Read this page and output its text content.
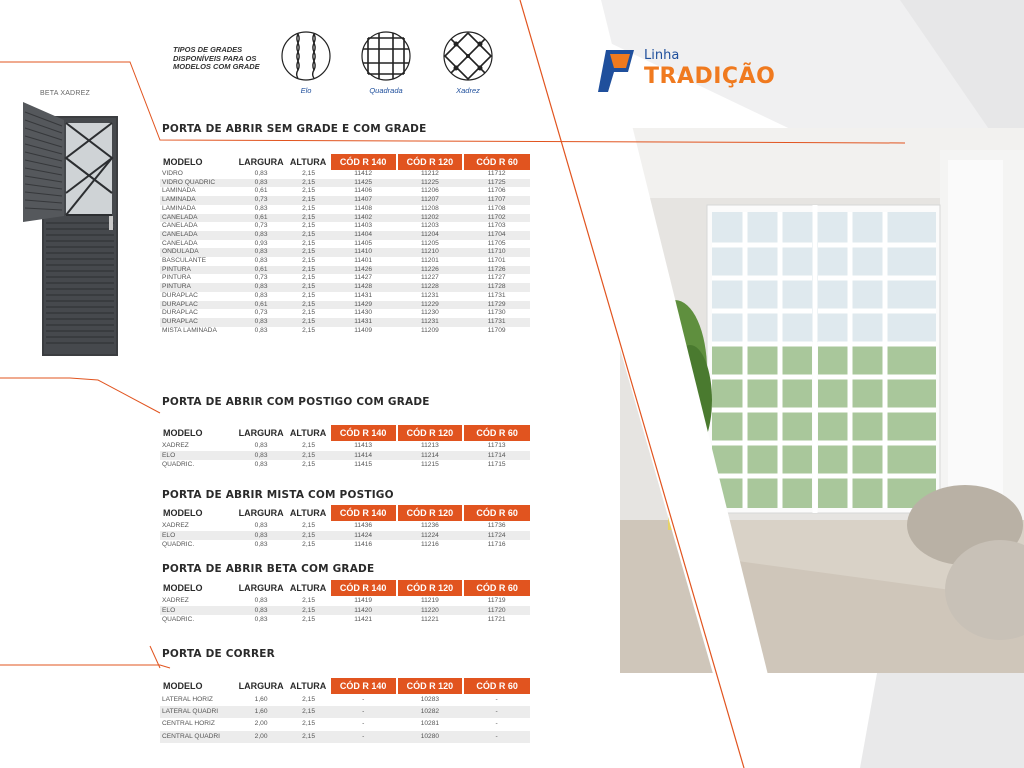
BETA XADREZ
TIPOS DE GRADES DISPONÍVEIS PARA OS MODELOS COM GRADE
Elo	Quadrada	Xadrez
Linha
TRADIÇÃO
PORTA DE ABRIR SEM GRADE E COM GRADE
MODELO	LARGURA	ALTURA	CÓD R 140	CÓD R 120	CÓD R 60
VIDRO	0,83	2,15	11412	11212	11712
VIDRO QUADRIC	0,83	2,15	11425	11225	11725
LAMINADA	0,61	2,15	11406	11206	11706
LAMINADA	0,73	2,15	11407	11207	11707
LAMINADA	0,83	2,15	11408	11208	11708
CANELADA	0,61	2,15	11402	11202	11702
CANELADA	0,73	2,15	11403	11203	11703
CANELADA	0,83	2,15	11404	11204	11704
CANELADA	0,93	2,15	11405	11205	11705
ONDULADA	0,83	2,15	11410	11210	11710
BASCULANTE	0,83	2,15	11401	11201	11701
PINTURA	0,61	2,15	11426	11226	11726
PINTURA	0,73	2,15	11427	11227	11727
PINTURA	0,83	2,15	11428	11228	11728
DURAPLAC	0,83	2,15	11431	11231	11731
DURAPLAC	0,61	2,15	11429	11229	11729
DURAPLAC	0,73	2,15	11430	11230	11730
DURAPLAC	0,83	2,15	11431	11231	11731
MISTA LAMINADA	0,83	2,15	11409	11209	11709
PORTA DE ABRIR COM POSTIGO COM GRADE
MODELO	LARGURA	ALTURA	CÓD R 140	CÓD R 120	CÓD R 60
XADREZ	0,83	2,15	11413	11213	11713
ELO	0,83	2,15	11414	11214	11714
QUADRIC.	0,83	2,15	11415	11215	11715
PORTA DE ABRIR MISTA COM POSTIGO
MODELO	LARGURA	ALTURA	CÓD R 140	CÓD R 120	CÓD R 60
XADREZ	0,83	2,15	11436	11236	11736
ELO	0,83	2,15	11424	11224	11724
QUADRIC.	0,83	2,15	11416	11216	11716
PORTA DE ABRIR BETA COM GRADE
MODELO	LARGURA	ALTURA	CÓD R 140	CÓD R 120	CÓD R 60
XADREZ	0,83	2,15	11419	11219	11719
ELO	0,83	2,15	11420	11220	11720
QUADRIC.	0,83	2,15	11421	11221	11721
PORTA DE CORRER
MODELO	LARGURA	ALTURA	CÓD R 140	CÓD R 120	CÓD R 60
LATERAL HORIZ	1,60	2,15	-	10283	-
LATERAL QUADRI	1,60	2,15	-	10282	-
CENTRAL HORIZ	2,00	2,15	-	10281	-
CENTRAL QUADRI	2,00	2,15	-	10280	-
